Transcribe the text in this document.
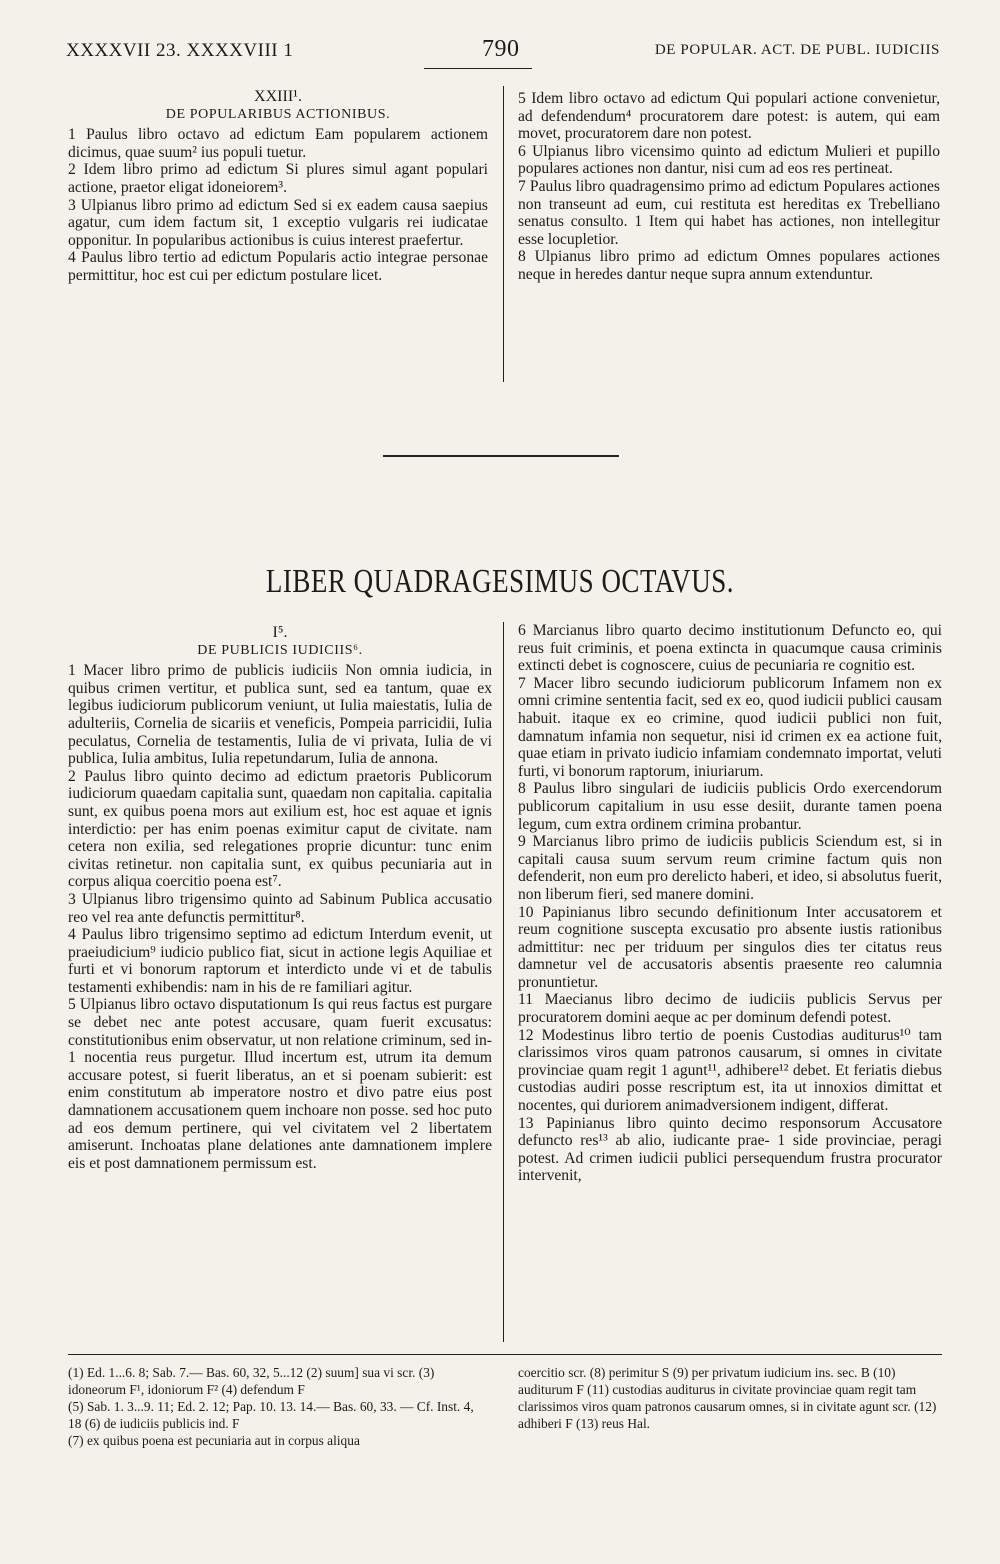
XXXXVII 23. XXXXVIII 1	790	DE POPULAR. ACT. DE PUBL. IUDICIIS
XXIII¹.
DE POPULARIBUS ACTIONIBUS.

1 Paulus libro octavo ad edictum Eam popularem actionem dicimus, quae suum² ius populi tuetur.

2 Idem libro primo ad edictum Si plures simul agant populari actione, praetor eligat idoneiorem³.

3 Ulpianus libro primo ad edictum Sed si ex eadem causa saepius agatur, cum idem factum sit, 1 exceptio vulgaris rei iudicatae opponitur. In popularibus actionibus is cuius interest praefertur.

4 Paulus libro tertio ad edictum Popularis actio integrae personae permittitur, hoc est cui per edictum postulare licet.

5 Idem libro octavo ad edictum Qui populari actione convenietur, ad defendendum⁴ procuratorem dare potest: is autem, qui eam movet, procuratorem dare non potest.

6 Ulpianus libro vicensimo quinto ad edictum Mulieri et pupillo populares actiones non dantur, nisi cum ad eos res pertineat.

7 Paulus libro quadragensimo primo ad edictum Populares actiones non transeunt ad eum, cui restituta est hereditas ex Trebelliano senatus consulto. 1 Item qui habet has actiones, non intellegitur esse locupletior.

8 Ulpianus libro primo ad edictum Omnes populares actiones neque in heredes dantur neque supra annum extenduntur.

LIBER QUADRAGESIMUS OCTAVUS.
I⁵.
DE PUBLICIS IUDICIIS⁶.

1 Macer libro primo de publicis iudiciis Non omnia iudicia, in quibus crimen vertitur, et publica sunt, sed ea tantum, quae ex legibus iudiciorum publicorum veniunt, ut Iulia maiestatis, Iulia de adulteriis, Cornelia de sicariis et veneficis, Pompeia parricidii, Iulia peculatus, Cornelia de testamentis, Iulia de vi privata, Iulia de vi publica, Iulia ambitus, Iulia repetundarum, Iulia de annona.

2 Paulus libro quinto decimo ad edictum praetoris Publicorum iudiciorum quaedam capitalia sunt, quaedam non capitalia. capitalia sunt, ex quibus poena mors aut exilium est, hoc est aquae et ignis interdictio: per has enim poenas eximitur caput de civitate. nam cetera non exilia, sed relegationes proprie dicuntur: tunc enim civitas retinetur. non capitalia sunt, ex quibus pecuniaria aut in corpus aliqua coercitio poena est⁷.

3 Ulpianus libro trigensimo quinto ad Sabinum Publica accusatio reo vel rea ante defunctis permittitur⁸.

4 Paulus libro trigensimo septimo ad edictum Interdum evenit, ut praeiudicium⁹ iudicio publico fiat, sicut in actione legis Aquiliae et furti et vi bonorum raptorum et interdicto unde vi et de tabulis testamenti exhibendis: nam in his de re familiari agitur.

5 Ulpianus libro octavo disputationum Is qui reus factus est purgare se debet nec ante potest accusare, quam fuerit excusatus: constitutionibus enim observatur, ut non relatione criminum, sed in- 1 nocentia reus purgetur. Illud incertum est, utrum ita demum accusare potest, si fuerit liberatus, an et si poenam subierit: est enim constitutum ab imperatore nostro et divo patre eius post damnationem accusationem quem inchoare non posse. sed hoc puto ad eos demum pertinere, qui vel civitatem vel 2 libertatem amiserunt. Inchoatas plane delationes ante damnationem implere eis et post damnationem permissum est.

6 Marcianus libro quarto decimo institutionum Defuncto eo, qui reus fuit criminis, et poena extincta in quacumque causa criminis extincti debet is cognoscere, cuius de pecuniaria re cognitio est.

7 Macer libro secundo iudiciorum publicorum Infamem non ex omni crimine sententia facit, sed ex eo, quod iudicii publici causam habuit. itaque ex eo crimine, quod iudicii publici non fuit, damnatum infamia non sequetur, nisi id crimen ex ea actione fuit, quae etiam in privato iudicio infamiam condemnato importat, veluti furti, vi bonorum raptorum, iniuriarum.

8 Paulus libro singulari de iudiciis publicis Ordo exercendorum publicorum capitalium in usu esse desiit, durante tamen poena legum, cum extra ordinem crimina probantur.

9 Marcianus libro primo de iudiciis publicis Sciendum est, si in capitali causa suum servum reum crimine factum quis non defenderit, non eum pro derelicto haberi, et ideo, si absolutus fuerit, non liberum fieri, sed manere domini.

10 Papinianus libro secundo definitionum Inter accusatorem et reum cognitione suscepta excusatio pro absente iustis rationibus admittitur: nec per triduum per singulos dies ter citatus reus damnetur vel de accusatoris absentis praesente reo calumnia pronuntietur.

11 Maecianus libro decimo de iudiciis publicis Servus per procuratorem domini aeque ac per dominum defendi potest.

12 Modestinus libro tertio de poenis Custodias auditurus¹⁰ tam clarissimos viros quam patronos causarum, si omnes in civitate provinciae quam regit 1 agunt¹¹, adhibere¹² debet. Et feriatis diebus custodias audiri posse rescriptum est, ita ut innoxios dimittat et nocentes, qui duriorem animadversionem indigent, differat.

13 Papinianus libro quinto decimo responsorum Accusatore defuncto res¹³ ab alio, iudicante prae- 1 side provinciae, peragi potest. Ad crimen iudicii publici persequendum frustra procurator intervenit,

(1) Ed. 1...6. 8; Sab. 7.— Bas. 60, 32, 5...12 (2) suum] sua vi scr. (3) idoneorum F¹, idoniorum F² (4) defendum F

(5) Sab. 1. 3...9. 11; Ed. 2. 12; Pap. 10. 13. 14.— Bas. 60, 33. — Cf. Inst. 4, 18 (6) de iudiciis publicis ind. F

(7) ex quibus poena est pecuniaria aut in corpus aliqua

coercitio scr. (8) perimitur S (9) per privatum iudicium ins. sec. B (10) auditurum F (11) custodias auditurus in civitate provinciae quam regit tam clarissimos viros quam patronos causarum omnes, si in civitate agunt scr. (12) adhiberi F (13) reus Hal.
